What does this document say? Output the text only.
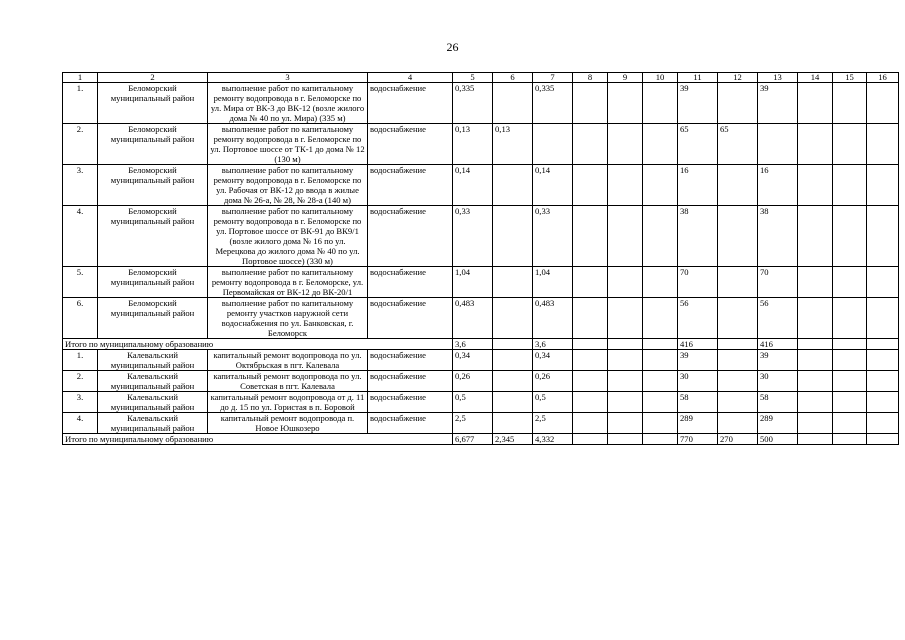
26
1	2	3	4	5	6	7	8	9	10	11	12	13	14	15	16
1.	Беломорский муниципальный район	выполнение работ по капитальному ремонту водопровода в г. Беломорске по ул. Мира от ВК-3 до ВК-12 (возле жилого дома № 40 по ул. Мира) (335 м)	водоснабжение	0,335		0,335				39		39			
2.	Беломорский муниципальный район	выполнение работ по капитальному ремонту водопровода в г. Беломорске по ул. Портовое шоссе от ТК-1 до дома № 12 (130 м)	водоснабжение	0,13	0,13					65	65				
3.	Беломорский муниципальный район	выполнение работ по капитальному ремонту водопровода в г. Беломорске по ул. Рабочая от ВК-12 до ввода в жилые дома № 26-а, № 28, № 28-а (140 м)	водоснабжение	0,14		0,14				16		16			
4.	Беломорский муниципальный район	выполнение работ по капитальному ремонту водопровода в г. Беломорске по ул. Портовое шоссе от ВК-91 до ВК9/1 (возле жилого дома № 16 по ул. Мерецкова до жилого дома № 40 по ул. Портовое шоссе) (330 м)	водоснабжение	0,33		0,33				38		38			
5.	Беломорский муниципальный район	выполнение работ по капитальному ремонту водопровода в г. Беломорске, ул. Первомайская от ВК-12 до ВК-20/1	водоснабжение	1,04		1,04				70		70			
6.	Беломорский муниципальный район	выполнение работ по капитальному ремонту участков наружной сети водоснабжения по ул. Банковская, г. Беломорск	водоснабжение	0,483		0,483				56		56			
Итого по муниципальному образованию				3,6		3,6				416		416			
1.	Калевальский муниципальный район	капитальный ремонт водопровода по ул. Октябрьская в пгт. Калевала	водоснабжение	0,34		0,34				39		39			
2.	Калевальский муниципальный район	капитальный ремонт водопровода по ул. Советская в пгт. Калевала	водоснабжение	0,26		0,26				30		30			
3.	Калевальский муниципальный район	капитальный ремонт водопровода от д. 11 до д. 15 по ул. Гористая в п. Боровой	водоснабжение	0,5		0,5				58		58			
4.	Калевальский муниципальный район	капитальный ремонт водопровода п. Новое Юшкозеро	водоснабжение	2,5		2,5				289		289			
Итого по муниципальному образованию				6,677	2,345	4,332				770	270	500			
